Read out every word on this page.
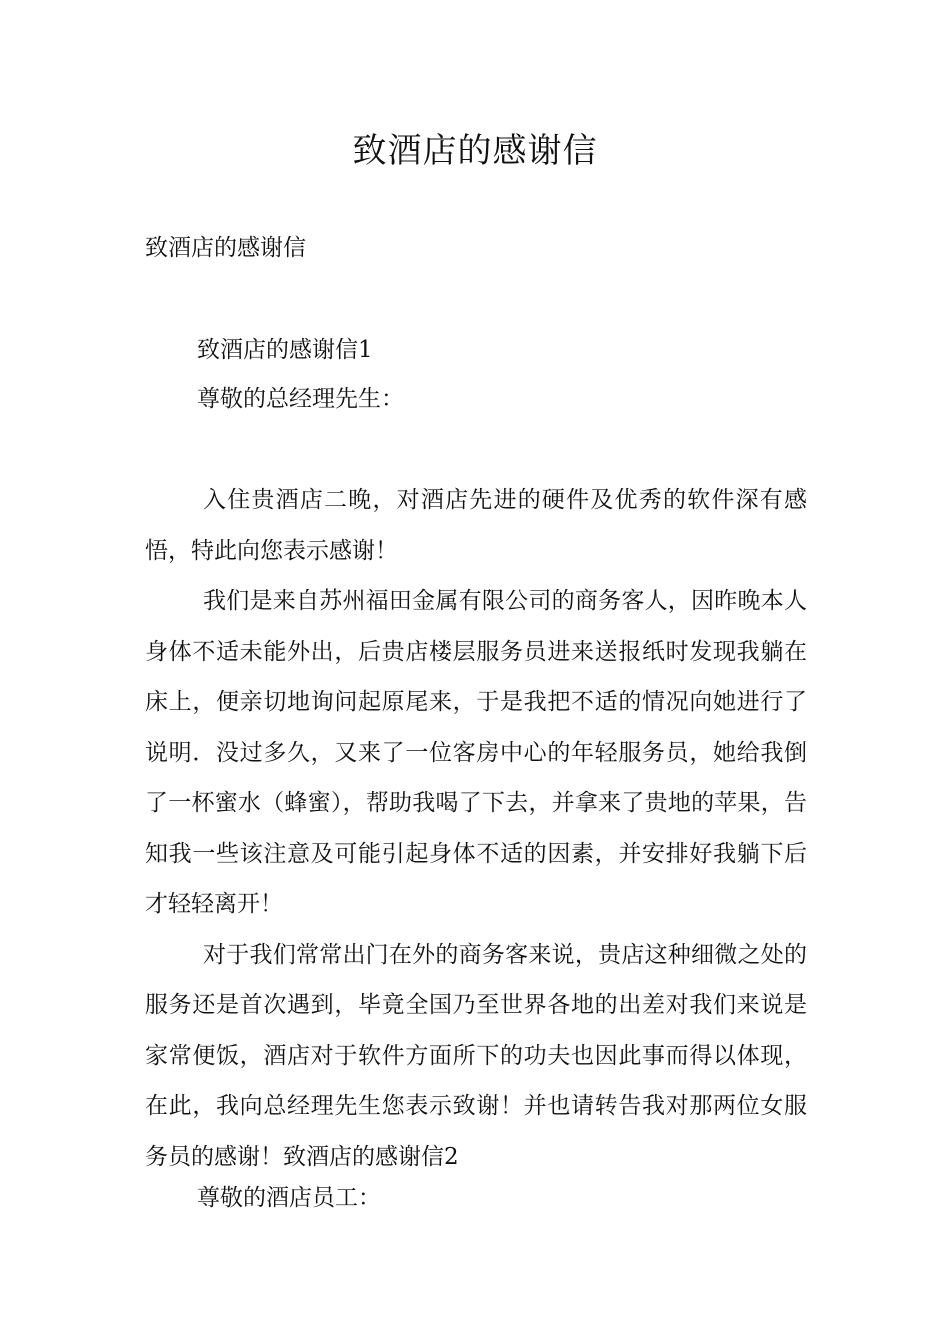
致酒店的感谢信
致酒店的感谢信
致酒店的感谢信1
尊敬的总经理先生：

入住贵酒店二晚，对酒店先进的硬件及优秀的软件深有感悟，特此向您表示感谢！

我们是来自苏州福田金属有限公司的商务客人，因昨晚本人身体不适未能外出，后贵店楼层服务员进来送报纸时发现我躺在床上，便亲切地询问起原尾来，于是我把不适的情况向她进行了说明．没过多久，又来了一位客房中心的年轻服务员，她给我倒了一杯蜜水（蜂蜜），帮助我喝了下去，并拿来了贵地的苹果，告知我一些该注意及可能引起身体不适的因素，并安排好我躺下后才轻轻离开！

对于我们常常出门在外的商务客来说，贵店这种细微之处的服务还是首次遇到，毕竟全国乃至世界各地的出差对我们来说是家常便饭，酒店对于软件方面所下的功夫也因此事而得以体现，在此，我向总经理先生您表示致谢！并也请转告我对那两位女服务员的感谢！致酒店的感谢信2

尊敬的酒店员工：
